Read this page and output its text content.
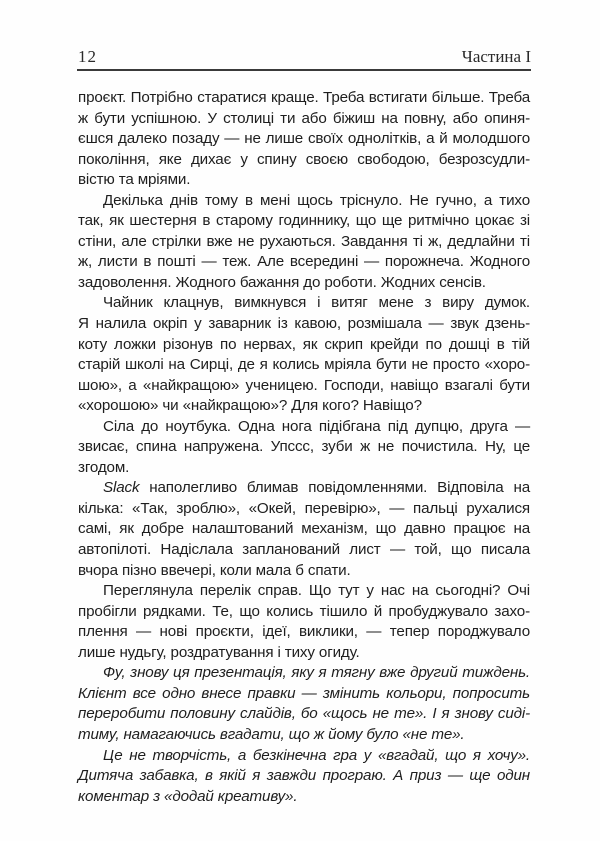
12	Частина I
проєкт. Потрібно старатися краще. Треба встигати більше. Треба
ж бути успішною. У столиці ти або біжиш на повну, або опиня-
єшся далеко позаду — не лише своїх однолітків, а й молодшого
покоління, яке дихає у спину своєю свободою, безрозсудли-
вістю та мріями.
Декілька днів тому в мені щось тріснуло. Не гучно, а тихо
так, як шестерня в старому годиннику, що ще ритмічно цокає зі
стіни, але стрілки вже не рухаються. Завдання ті ж, дедлайни ті
ж, листи в пошті — теж. Але всередині — порожнеча. Жодного
задоволення. Жодного бажання до роботи. Жодних сенсів.
Чайник клацнув, вимкнувся і витяг мене з виру думок.
Я налила окріп у заварник із кавою, розмішала — звук дзень-
коту ложки різонув по нервах, як скрип крейди по дошці в тій
старій школі на Сирці, де я колись мріяла бути не просто «хоро-
шою», а «найкращою» ученицею. Господи, навіщо взагалі бути
«хорошою» чи «найкращою»? Для кого? Навіщо?
Сіла до ноутбука. Одна нога підібгана під дупцю, друга —
звисає, спина напружена. Упссс, зуби ж не почистила. Ну, це
згодом.
Slack наполегливо блимав повідомленнями. Відповіла на
кілька: «Так, зроблю», «Окей, перевірю», — пальці рухалися
самі, як добре налаштований механізм, що давно працює на
автопілоті. Надіслала запланований лист — той, що писала
вчора пізно ввечері, коли мала б спати.
Переглянула перелік справ. Що тут у нас на сьогодні? Очі
пробігли рядками. Те, що колись тішило й пробуджувало захо-
плення — нові проєкти, ідеї, виклики, — тепер породжувало
лише нудьгу, роздратування і тиху огиду.
Фу, знову ця презентація, яку я тягну вже другий тиждень.
Клієнт все одно внесе правки — змінить кольори, попросить
переробити половину слайдів, бо «щось не те». І я знову сиді-
тиму, намагаючись вгадати, що ж йому було «не те».
Це не творчість, а безкінечна гра у «вгадай, що я хочу».
Дитяча забавка, в якій я завжди програю. А приз — ще один
коментар з «додай креативу».
